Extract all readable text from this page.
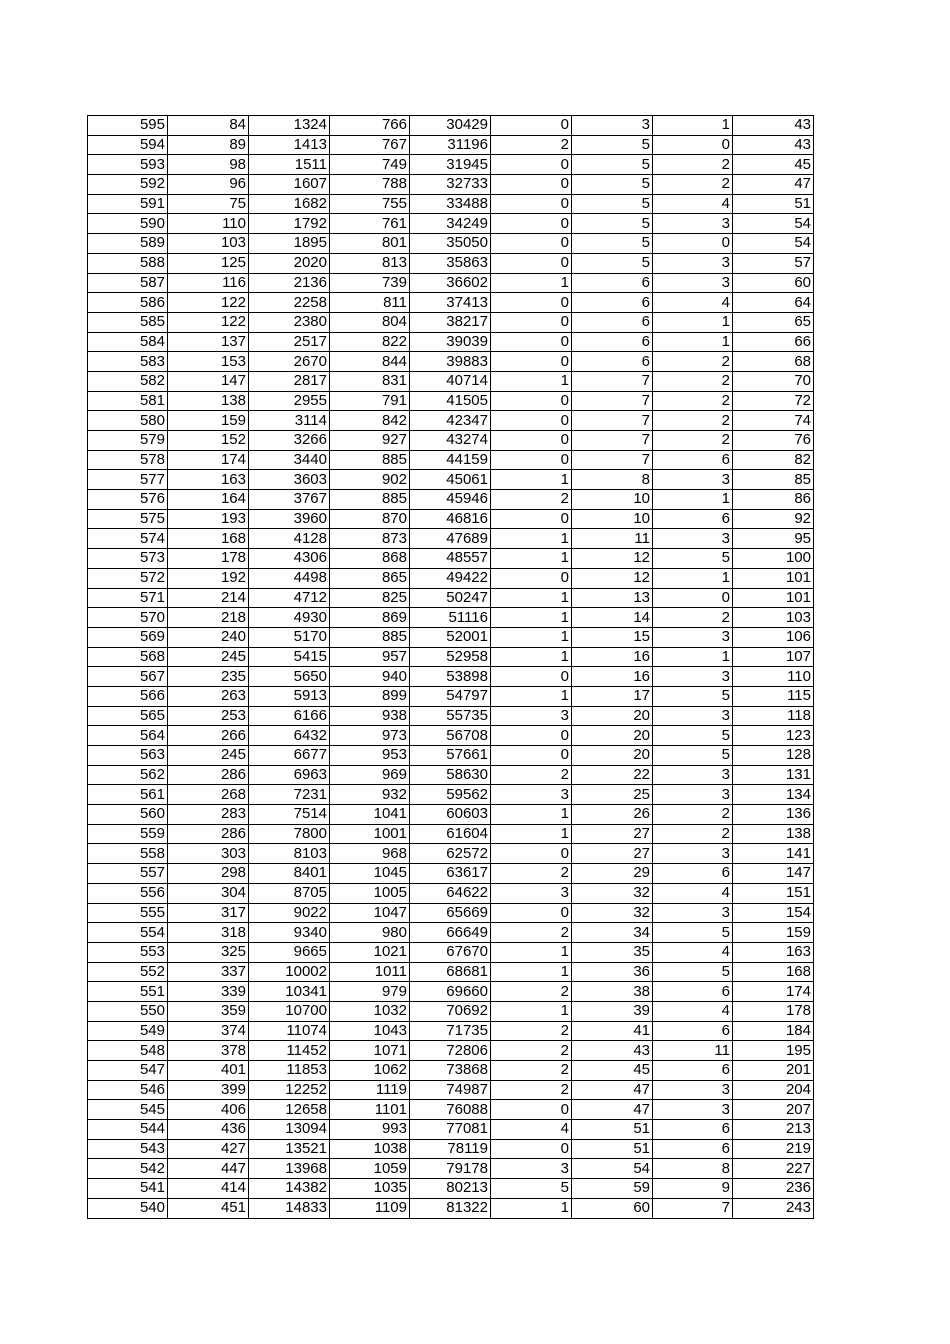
595	84	1324	766	30429	0	3	1	43
594	89	1413	767	31196	2	5	0	43
593	98	1511	749	31945	0	5	2	45
592	96	1607	788	32733	0	5	2	47
591	75	1682	755	33488	0	5	4	51
590	110	1792	761	34249	0	5	3	54
589	103	1895	801	35050	0	5	0	54
588	125	2020	813	35863	0	5	3	57
587	116	2136	739	36602	1	6	3	60
586	122	2258	811	37413	0	6	4	64
585	122	2380	804	38217	0	6	1	65
584	137	2517	822	39039	0	6	1	66
583	153	2670	844	39883	0	6	2	68
582	147	2817	831	40714	1	7	2	70
581	138	2955	791	41505	0	7	2	72
580	159	3114	842	42347	0	7	2	74
579	152	3266	927	43274	0	7	2	76
578	174	3440	885	44159	0	7	6	82
577	163	3603	902	45061	1	8	3	85
576	164	3767	885	45946	2	10	1	86
575	193	3960	870	46816	0	10	6	92
574	168	4128	873	47689	1	11	3	95
573	178	4306	868	48557	1	12	5	100
572	192	4498	865	49422	0	12	1	101
571	214	4712	825	50247	1	13	0	101
570	218	4930	869	51116	1	14	2	103
569	240	5170	885	52001	1	15	3	106
568	245	5415	957	52958	1	16	1	107
567	235	5650	940	53898	0	16	3	110
566	263	5913	899	54797	1	17	5	115
565	253	6166	938	55735	3	20	3	118
564	266	6432	973	56708	0	20	5	123
563	245	6677	953	57661	0	20	5	128
562	286	6963	969	58630	2	22	3	131
561	268	7231	932	59562	3	25	3	134
560	283	7514	1041	60603	1	26	2	136
559	286	7800	1001	61604	1	27	2	138
558	303	8103	968	62572	0	27	3	141
557	298	8401	1045	63617	2	29	6	147
556	304	8705	1005	64622	3	32	4	151
555	317	9022	1047	65669	0	32	3	154
554	318	9340	980	66649	2	34	5	159
553	325	9665	1021	67670	1	35	4	163
552	337	10002	1011	68681	1	36	5	168
551	339	10341	979	69660	2	38	6	174
550	359	10700	1032	70692	1	39	4	178
549	374	11074	1043	71735	2	41	6	184
548	378	11452	1071	72806	2	43	11	195
547	401	11853	1062	73868	2	45	6	201
546	399	12252	1119	74987	2	47	3	204
545	406	12658	1101	76088	0	47	3	207
544	436	13094	993	77081	4	51	6	213
543	427	13521	1038	78119	0	51	6	219
542	447	13968	1059	79178	3	54	8	227
541	414	14382	1035	80213	5	59	9	236
540	451	14833	1109	81322	1	60	7	243
